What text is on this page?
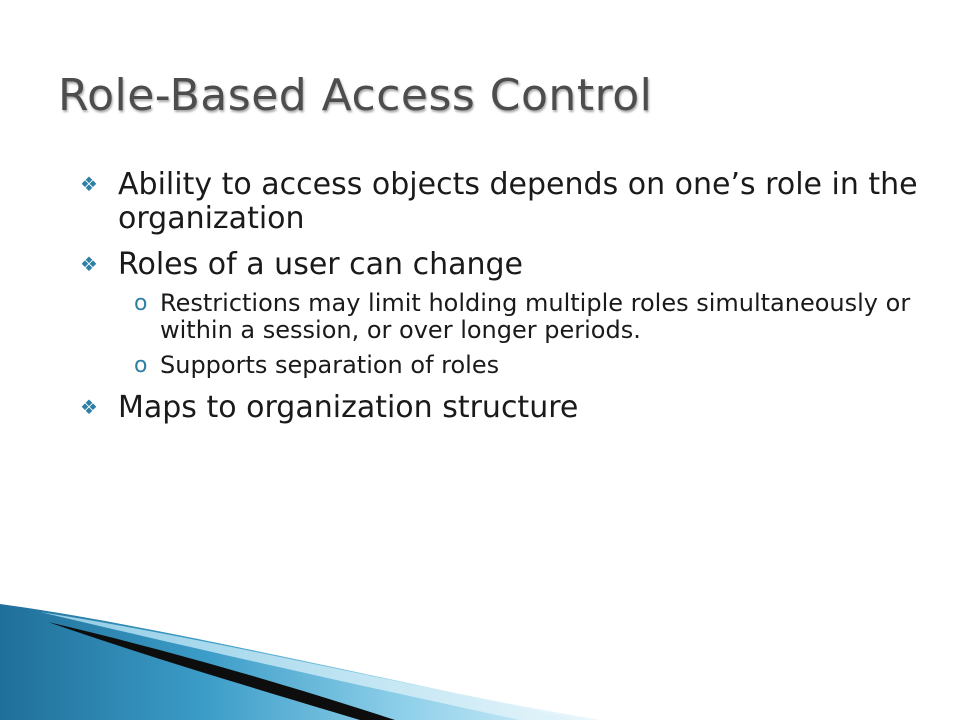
Role-Based Access Control
❖ Ability to access objects depends on one’s role in the organization
❖ Roles of a user can change
o Restrictions may limit holding multiple roles simultaneously or within a session, or over longer periods.
o Supports separation of roles
❖ Maps to organization structure
